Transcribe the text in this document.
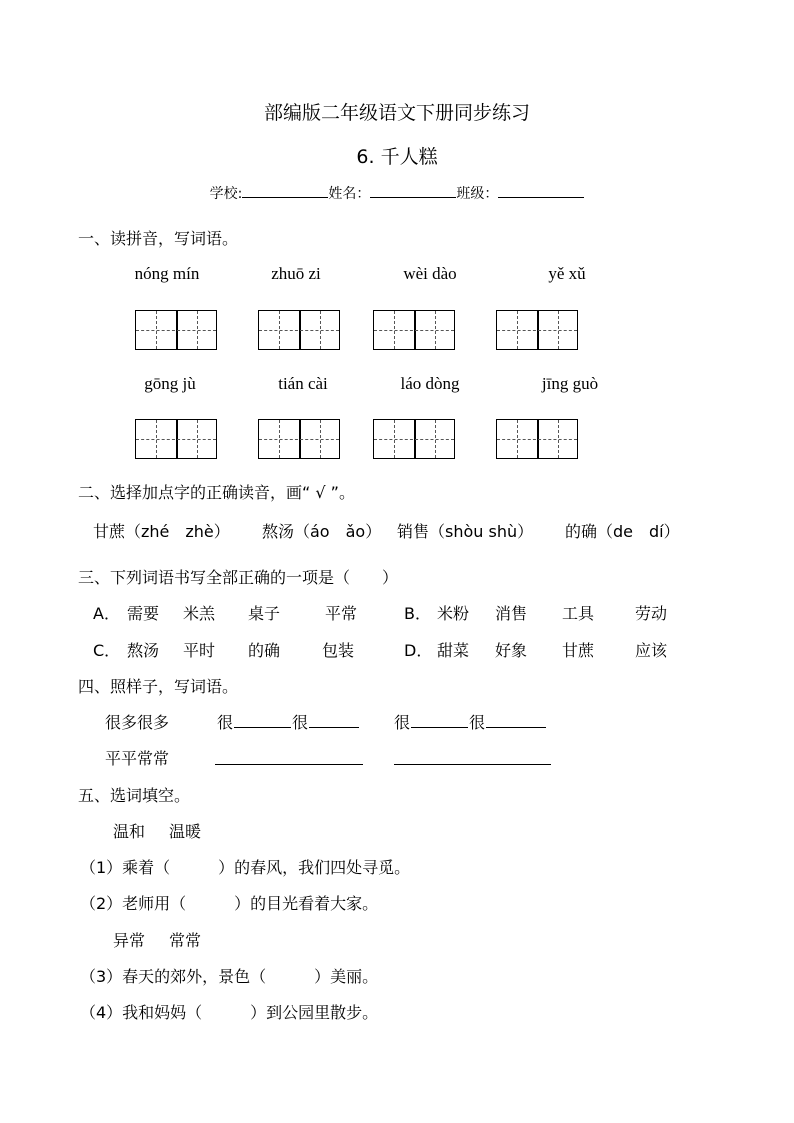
部编版二年级语文下册同步练习
6. 千人糕
学校:	姓名：	班级：
一、读拼音，写词语。
nóng mín	zhuō zi	wèi dào	yě xǔ
gōng jù	tián cài	láo dòng	jīng guò
二、选择加点字的正确读音，画“ √ ”。
甘蔗（zhé　zhè） 熬汤（áo　ǎo） 销售（shòu shù） 的确（de　dí）
三、下列词语书写全部正确的一项是（　　）
A． 需要 米羔 桌子	平常	B． 米粉 消售 工具	劳动
C． 熬汤 平时 的确	包装	D． 甜菜 好象 甘蔗	应该
四、照样子，写词语。
很多很多	很	很	很	很
平平常常
五、选词填空。
温和 温暖
（1）乘着（　　　）的春风，我们四处寻觅。
（2）老师用（　　　）的目光看着大家。
异常 常常
（3）春天的郊外，景色（　　　）美丽。
（4）我和妈妈（　　　）到公园里散步。
